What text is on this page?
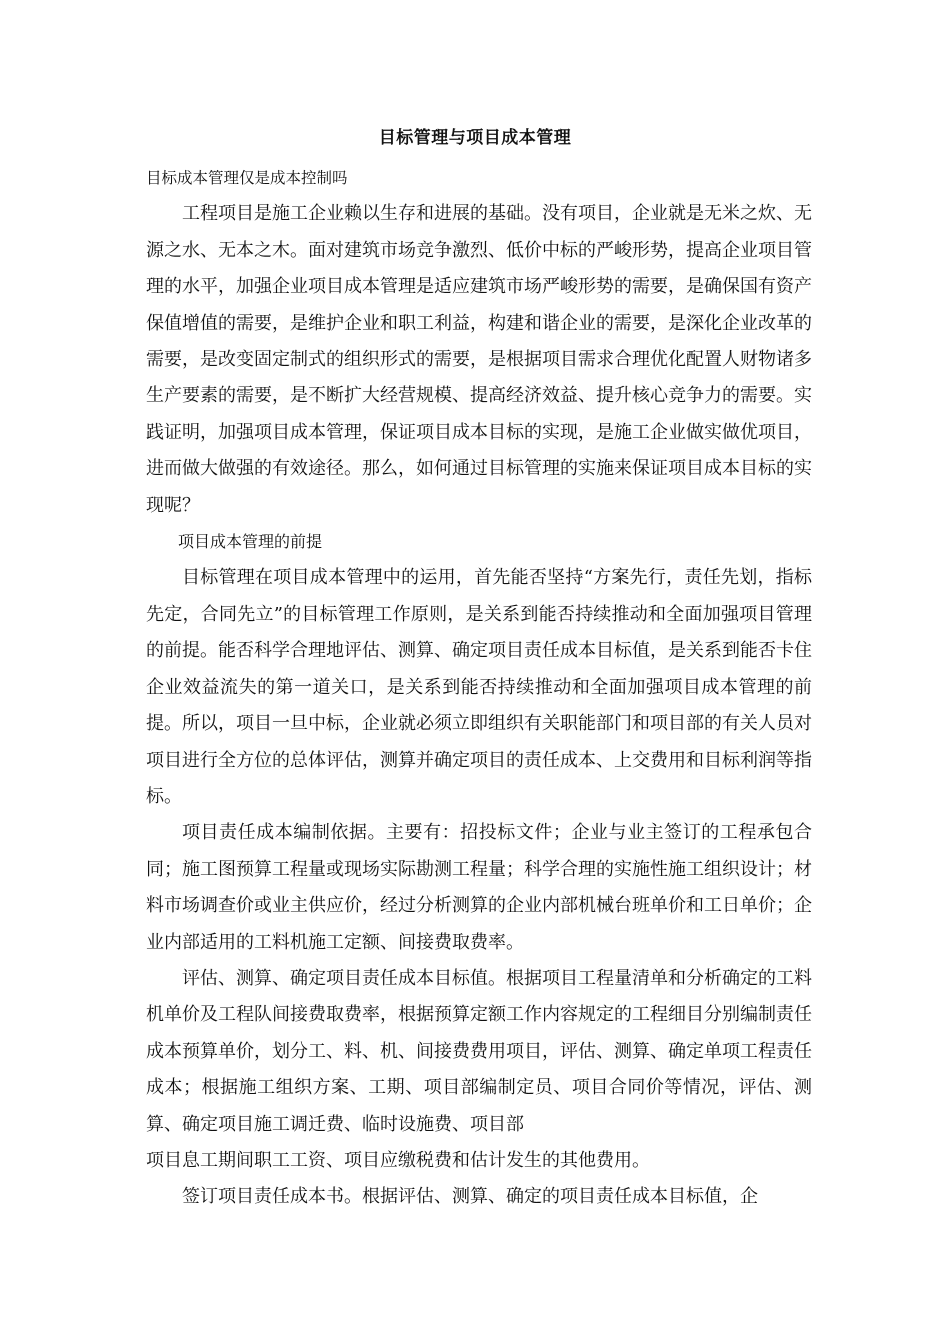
目标管理与项目成本管理

目标成本管理仅是成本控制吗

工程项目是施工企业赖以生存和进展的基础。没有项目，企业就是无米之炊、无源之水、无本之木。面对建筑市场竞争激烈、低价中标的严峻形势，提高企业项目管理的水平，加强企业项目成本管理是适应建筑市场严峻形势的需要，是确保国有资产保值增值的需要，是维护企业和职工利益，构建和谐企业的需要，是深化企业改革的需要，是改变固定制式的组织形式的需要，是根据项目需求合理优化配置人财物诸多生产要素的需要，是不断扩大经营规模、提高经济效益、提升核心竞争力的需要。实践证明，加强项目成本管理，保证项目成本目标的实现，是施工企业做实做优项目，进而做大做强的有效途径。那么，如何通过目标管理的实施来保证项目成本目标的实现呢？

项目成本管理的前提

目标管理在项目成本管理中的运用，首先能否坚持“方案先行，责任先划，指标先定，合同先立”的目标管理工作原则，是关系到能否持续推动和全面加强项目管理的前提。能否科学合理地评估、测算、确定项目责任成本目标值，是关系到能否卡住企业效益流失的第一道关口，是关系到能否持续推动和全面加强项目成本管理的前提。所以，项目一旦中标，企业就必须立即组织有关职能部门和项目部的有关人员对项目进行全方位的总体评估，测算并确定项目的责任成本、上交费用和目标利润等指标。

项目责任成本编制依据。主要有：招投标文件；企业与业主签订的工程承包合同；施工图预算工程量或现场实际勘测工程量；科学合理的实施性施工组织设计；材料市场调查价或业主供应价，经过分析测算的企业内部机械台班单价和工日单价；企业内部适用的工料机施工定额、间接费取费率。

评估、测算、确定项目责任成本目标值。根据项目工程量清单和分析确定的工料机单价及工程队间接费取费率，根据预算定额工作内容规定的工程细目分别编制责任成本预算单价，划分工、料、机、间接费费用项目，评估、测算、确定单项工程责任成本；根据施工组织方案、工期、项目部编制定员、项目合同价等情况，评估、测算、确定项目施工调迁费、临时设施费、项目部

项目息工期间职工工资、项目应缴税费和估计发生的其他费用。

签订项目责任成本书。根据评估、测算、确定的项目责任成本目标值，企
